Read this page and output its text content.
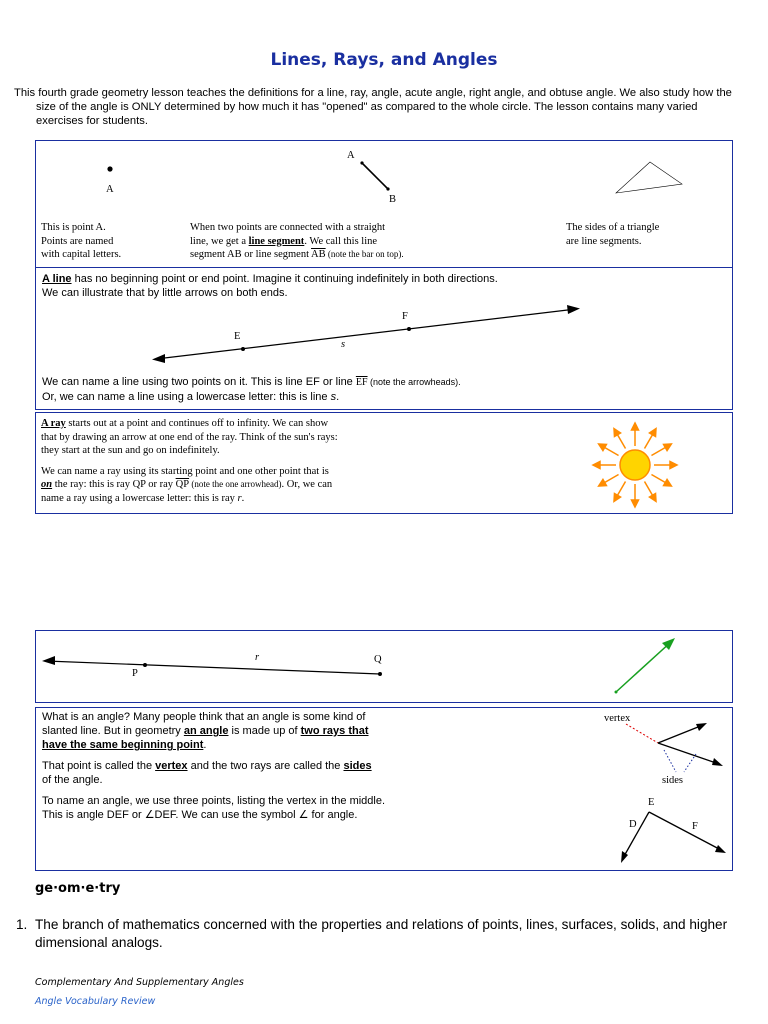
Lines, Rays, and Angles

This fourth grade geometry lesson teaches the definitions for a line, ray, angle, acute angle, right angle, and obtuse angle. We also study how the size of the angle is ONLY determined by how much it has "opened" as compared to the whole circle. The lesson contains many varied exercises for students.

A
This is point A.
Points are named
with capital letters.
A
B
When two points are connected with a straight
line, we get a line segment. We call this line
segment AB or line segment $\overline{AB}$ (note the bar on top).
The sides of a triangle
are line segments.
A line has no beginning point or end point. Imagine it continuing indefinitely in both directions.
We can illustrate that by little arrows on both ends.
E
F
s
We can name a line using two points on it. This is line EF or line $\overline{EF}$ (note the arrowheads).
Or, we can name a line using a lowercase letter: this is line s.
A ray starts out at a point and continues off to infinity. We can show
that by drawing an arrow at one end of the ray. Think of the sun's rays:
they start at the sun and go on indefinitely.
We can name a ray using its starting point and one other point that is
on the ray: this is ray QP or ray $\overline{QP}$ (note the one arrowhead). Or, we can
name a ray using a lowercase letter: this is ray r.
r	Q
P
What is an angle? Many people think that an angle is some kind of
slanted line. But in geometry an angle is made up of two rays that
have the same beginning point.
That point is called the vertex and the two rays are called the sides
of the angle.
To name an angle, we use three points, listing the vertex in the middle.
This is angle DEF or ∠DEF. We can use the symbol ∠ for angle.
vertex
sides
E
D	F
ge·om·e·try
1. The branch of mathematics concerned with the properties and relations of points, lines, surfaces, solids, and higher dimensional analogs.
Complementary And Supplementary Angles
Angle Vocabulary Review
